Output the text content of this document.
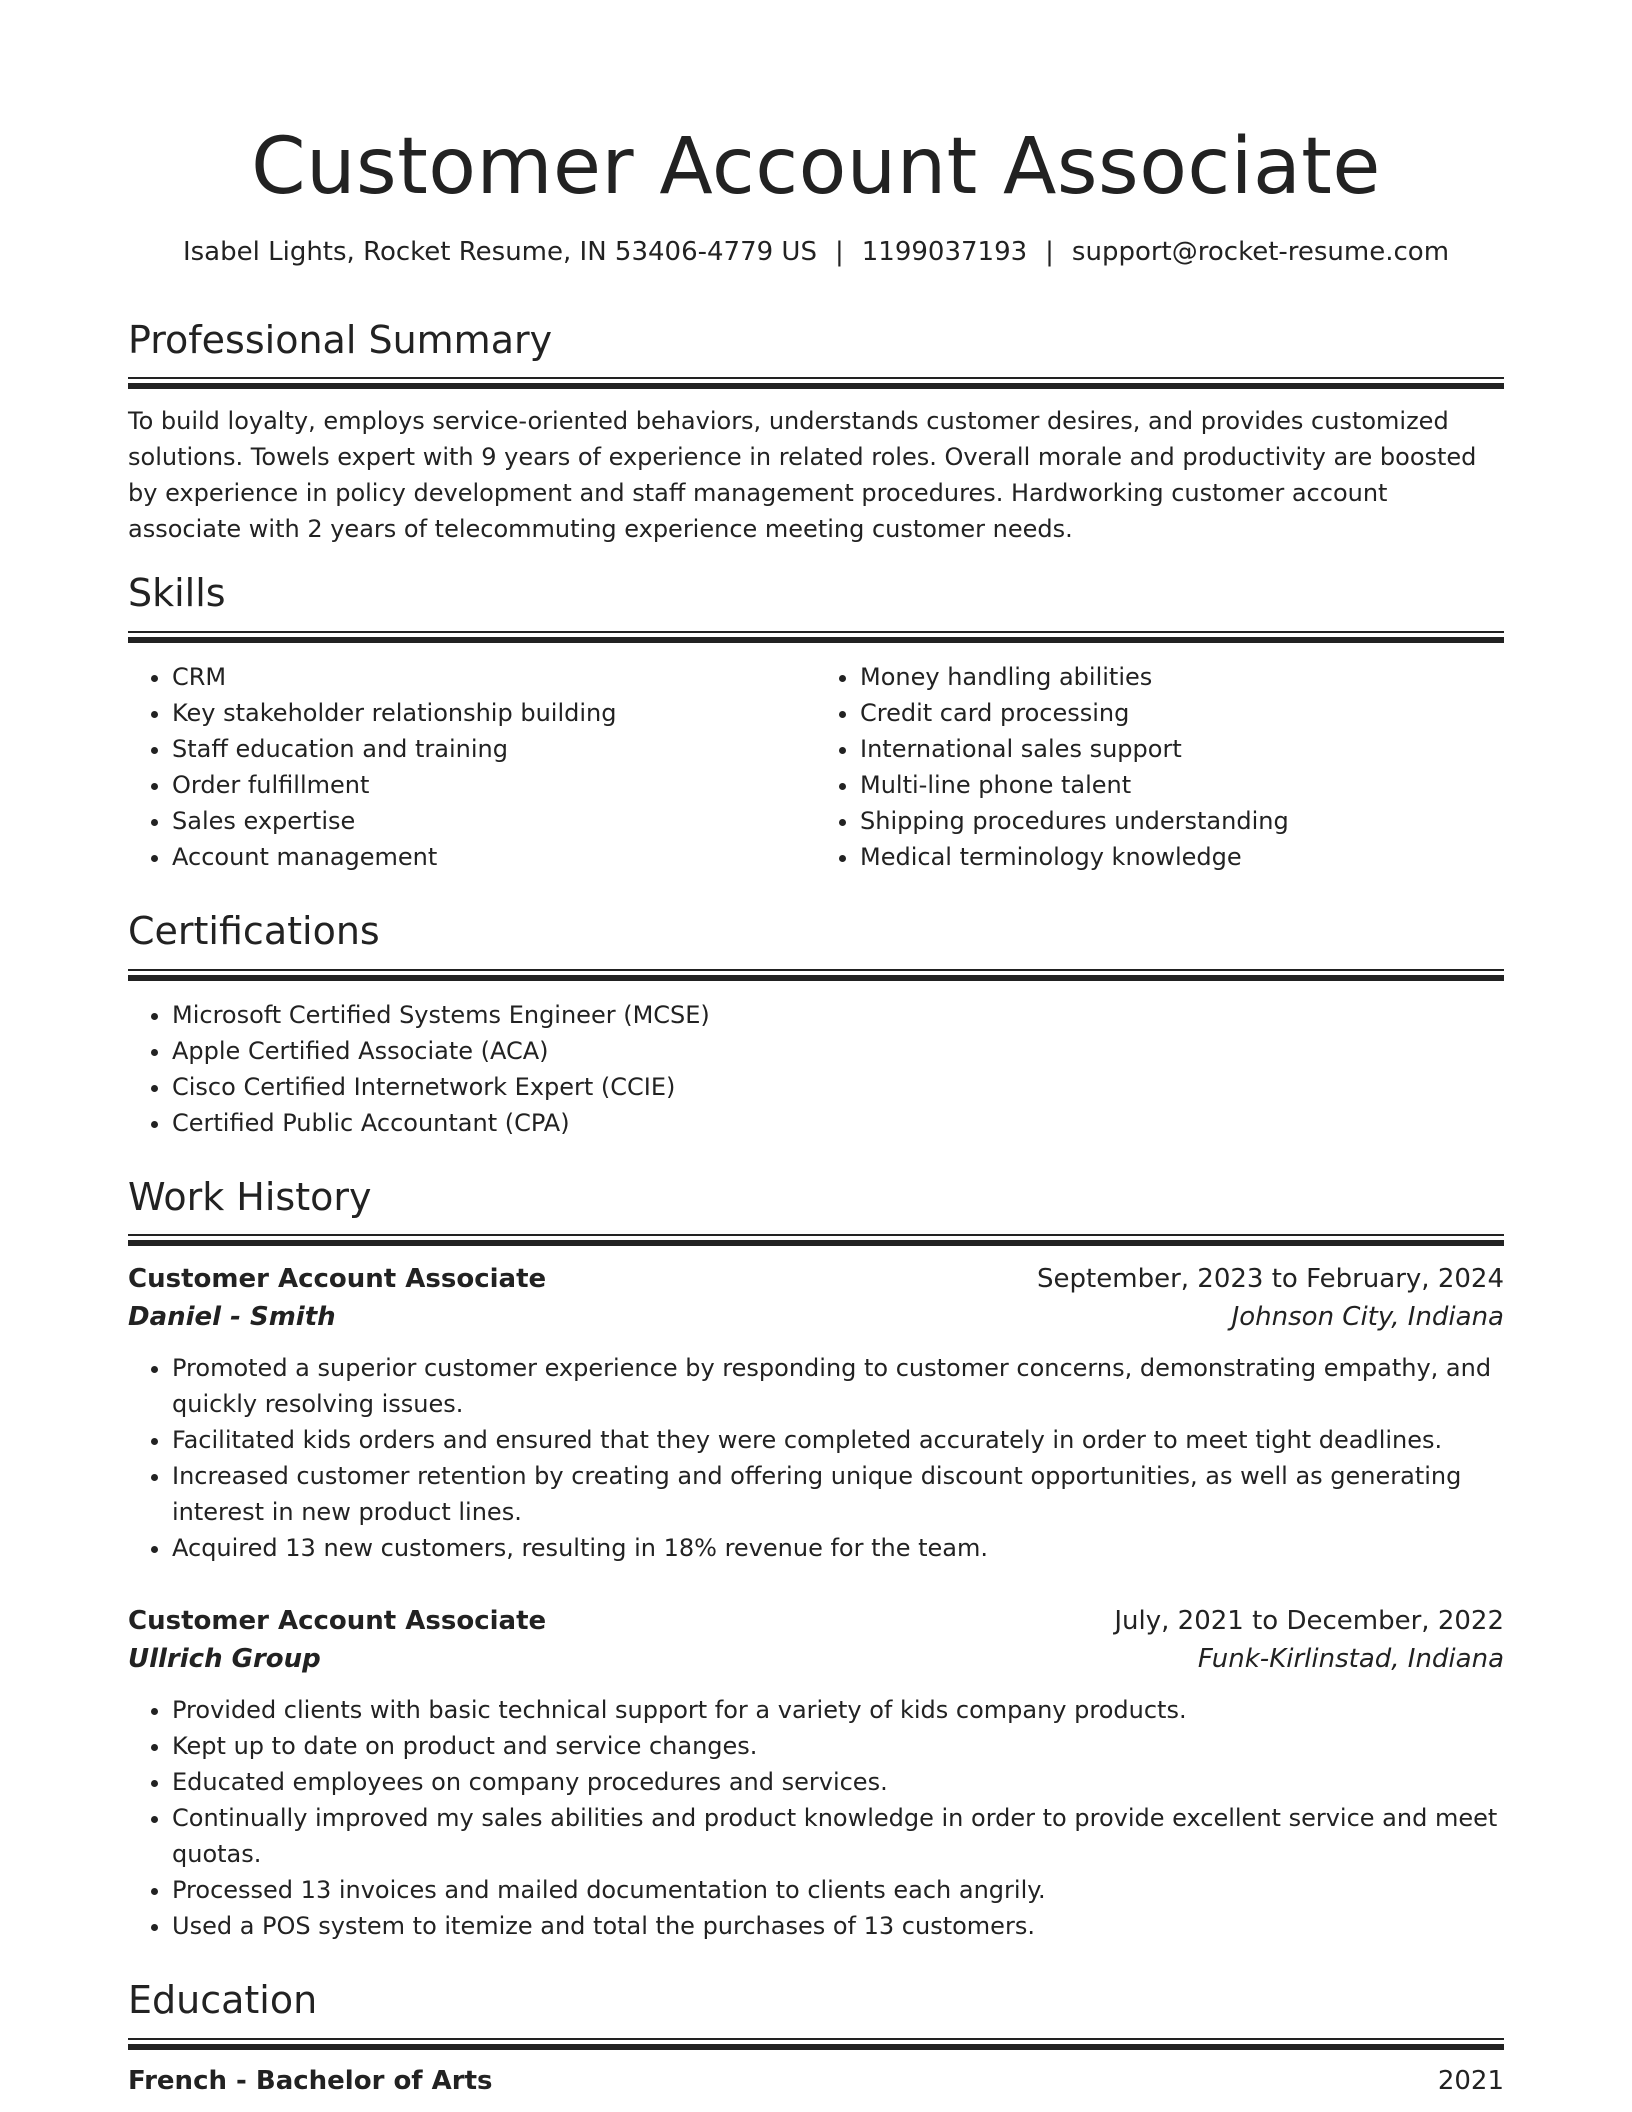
Customer Account Associate
Isabel Lights, Rocket Resume, IN 53406-4779 US | 1199037193 | support@rocket-resume.com
Professional Summary

To build loyalty, employs service-oriented behaviors, understands customer desires, and provides customized solutions. Towels expert with 9 years of experience in related roles. Overall morale and productivity are boosted by experience in policy development and staff management procedures. Hardworking customer account associate with 2 years of telecommuting experience meeting customer needs.

Skills
• CRM
• Key stakeholder relationship building
• Staff education and training
• Order fulfillment
• Sales expertise
• Account management
• Money handling abilities
• Credit card processing
• International sales support
• Multi-line phone talent
• Shipping procedures understanding
• Medical terminology knowledge
Certifications
• Microsoft Certified Systems Engineer (MCSE)
• Apple Certified Associate (ACA)
• Cisco Certified Internetwork Expert (CCIE)
• Certified Public Accountant (CPA)
Work History
Customer Account Associate	September, 2023 to February, 2024
Daniel - Smith	Johnson City, Indiana
• Promoted a superior customer experience by responding to customer concerns, demonstrating empathy, and quickly resolving issues.
• Facilitated kids orders and ensured that they were completed accurately in order to meet tight deadlines.
• Increased customer retention by creating and offering unique discount opportunities, as well as generating interest in new product lines.
• Acquired 13 new customers, resulting in 18% revenue for the team.
Customer Account Associate	July, 2021 to December, 2022
Ullrich Group	Funk-Kirlinstad, Indiana
• Provided clients with basic technical support for a variety of kids company products.
• Kept up to date on product and service changes.
• Educated employees on company procedures and services.
• Continually improved my sales abilities and product knowledge in order to provide excellent service and meet quotas.
• Processed 13 invoices and mailed documentation to clients each angrily.
• Used a POS system to itemize and total the purchases of 13 customers.
Education
French - Bachelor of Arts	2021
